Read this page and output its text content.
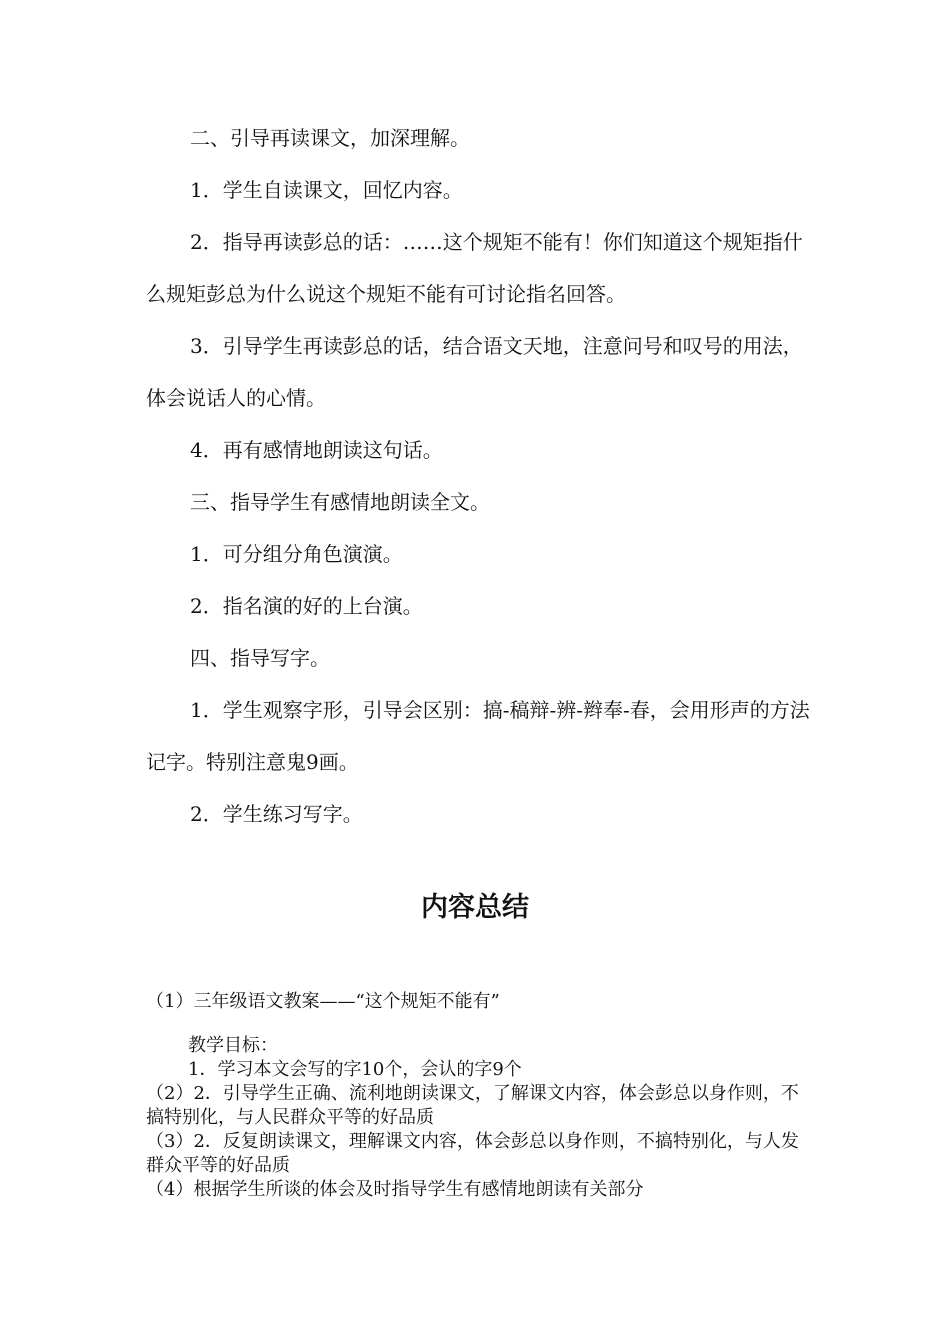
二、引导再读课文，加深理解。

1．学生自读课文，回忆内容。

2．指导再读彭总的话：……这个规矩不能有！你们知道这个规矩指什么规矩彭总为什么说这个规矩不能有可讨论指名回答。

3．引导学生再读彭总的话，结合语文天地，注意问号和叹号的用法，体会说话人的心情。

4．再有感情地朗读这句话。

三、指导学生有感情地朗读全文。

1．可分组分角色演演。

2．指名演的好的上台演。

四、指导写字。

1．学生观察字形，引导会区别：搞-稿辩-辨-辫奉-春，会用形声的方法记字。特别注意鬼9画。

2．学生练习写字。

内容总结

（1）三年级语文教案——“这个规矩不能有”

教学目标：

1．学习本文会写的字10个，会认的字9个

（2）2．引导学生正确、流利地朗读课文，了解课文内容，体会彭总以身作则，不搞特别化，与人民群众平等的好品质

（3）2．反复朗读课文，理解课文内容，体会彭总以身作则，不搞特别化，与人发群众平等的好品质

（4）根据学生所谈的体会及时指导学生有感情地朗读有关部分
